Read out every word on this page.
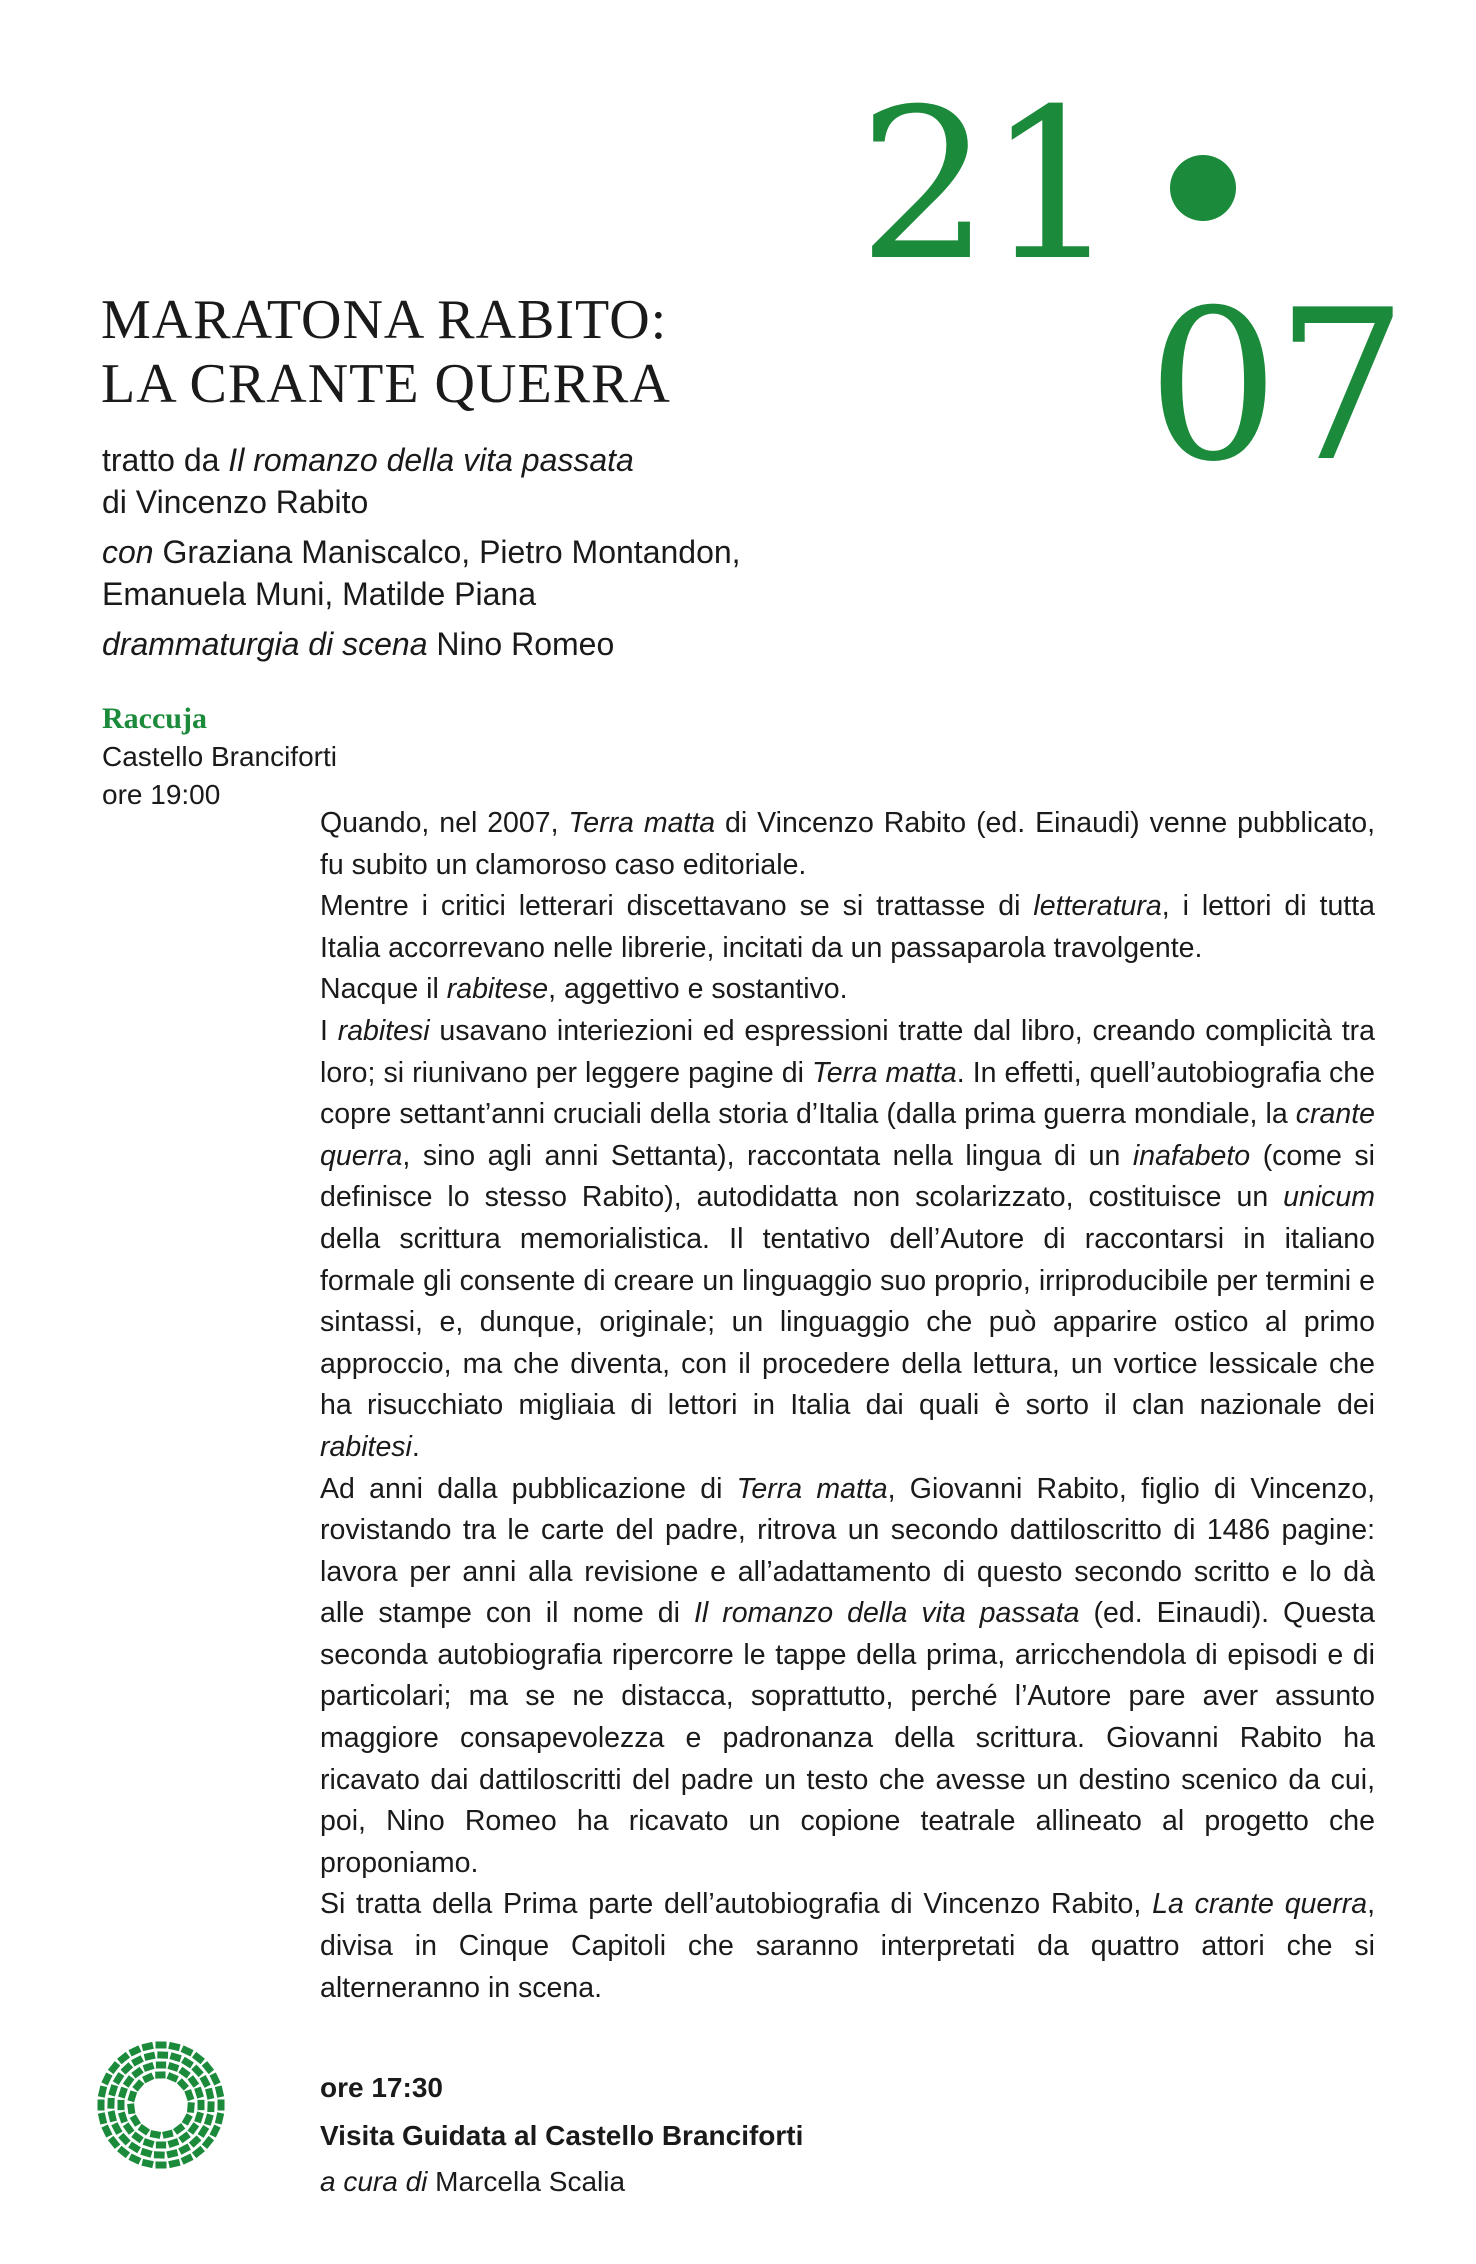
21
07
MARATONA RABITO:
LA CRANTE QUERRA

tratto da Il romanzo della vita passata
di Vincenzo Rabito

con Graziana Maniscalco, Pietro Montandon,
Emanuela Muni, Matilde Piana

drammaturgia di scena Nino Romeo

Raccuja
Castello Branciforti
ore 19:00

Quando, nel 2007, Terra matta di Vincenzo Rabito (ed. Einaudi) venne pubblicato, fu subito un clamoroso caso editoriale.

Mentre i critici letterari discettavano se si trattasse di letteratura, i lettori di tutta Italia accorrevano nelle librerie, incitati da un passaparola travolgente.

Nacque il rabitese, aggettivo e sostantivo.

I rabitesi usavano interiezioni ed espressioni tratte dal libro, creando complicità tra loro; si riunivano per leggere pagine di Terra matta. In effetti, quell’autobiografia che copre settant’anni cruciali della storia d’Italia (dalla prima guerra mondiale, la crante querra, sino agli anni Settanta), raccontata nella lingua di un inafabeto (come si definisce lo stesso Rabito), autodidatta non scolarizzato, costituisce un unicum della scrittura memorialistica. Il tentativo dell’Autore di raccontarsi in italiano formale gli consente di creare un linguaggio suo proprio, irriproducibile per termini e sintassi, e, dunque, originale; un linguaggio che può apparire ostico al primo approccio, ma che diventa, con il procedere della lettura, un vortice lessicale che ha risucchiato migliaia di lettori in Italia dai quali è sorto il clan nazionale dei rabitesi.

Ad anni dalla pubblicazione di Terra matta, Giovanni Rabito, figlio di Vincenzo, rovistando tra le carte del padre, ritrova un secondo dattiloscritto di 1486 pagine: lavora per anni alla revisione e all’adattamento di questo secondo scritto e lo dà alle stampe con il nome di Il romanzo della vita passata (ed. Einaudi). Questa seconda autobiografia ripercorre le tappe della prima, arricchendola di episodi e di particolari; ma se ne distacca, soprattutto, perché l’Autore pare aver assunto maggiore consapevolezza e padronanza della scrittura. Giovanni Rabito ha ricavato dai dattiloscritti del padre un testo che avesse un destino scenico da cui, poi, Nino Romeo ha ricavato un copione teatrale allineato al progetto che proponiamo.

Si tratta della Prima parte dell’autobiografia di Vincenzo Rabito, La crante querra, divisa in Cinque Capitoli che saranno interpretati da quattro attori che si alterneranno in scena.

ore 17:30
Visita Guidata al Castello Branciforti
a cura di Marcella Scalia
